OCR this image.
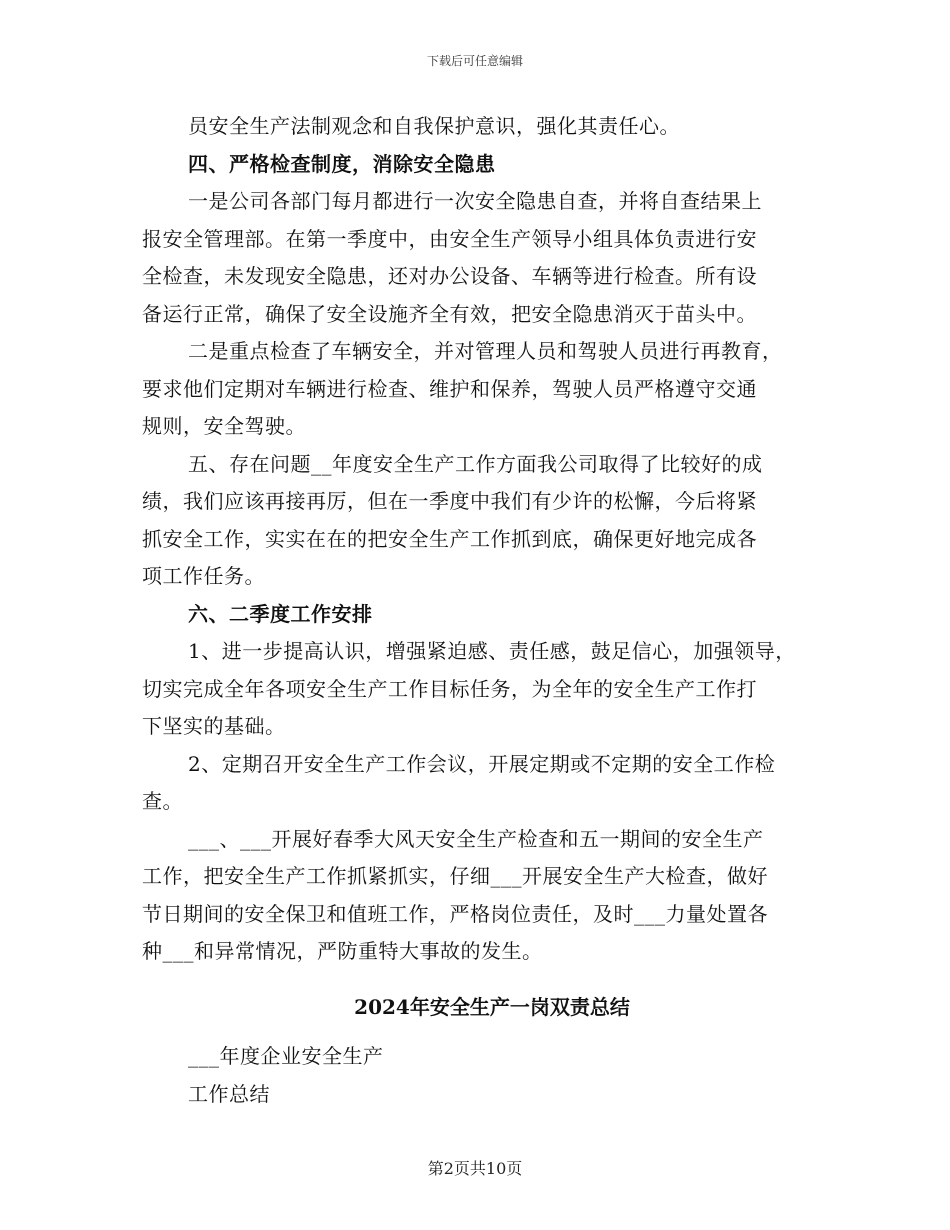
下载后可任意编辑
员安全生产法制观念和自我保护意识，强化其责任心。
四、严格检查制度，消除安全隐患
一是公司各部门每月都进行一次安全隐患自查，并将自查结果上
报安全管理部。在第一季度中，由安全生产领导小组具体负责进行安
全检查，未发现安全隐患，还对办公设备、车辆等进行检查。所有设
备运行正常，确保了安全设施齐全有效，把安全隐患消灭于苗头中。
二是重点检查了车辆安全，并对管理人员和驾驶人员进行再教育，
要求他们定期对车辆进行检查、维护和保养，驾驶人员严格遵守交通
规则，安全驾驶。
五、存在问题__年度安全生产工作方面我公司取得了比较好的成
绩，我们应该再接再厉，但在一季度中我们有少许的松懈，今后将紧
抓安全工作，实实在在的把安全生产工作抓到底，确保更好地完成各
项工作任务。
六、二季度工作安排
1、进一步提高认识，增强紧迫感、责任感，鼓足信心，加强领导，
切实完成全年各项安全生产工作目标任务，为全年的安全生产工作打
下坚实的基础。
2、定期召开安全生产工作会议，开展定期或不定期的安全工作检
查。
___、___开展好春季大风天安全生产检查和五一期间的安全生产
工作，把安全生产工作抓紧抓实，仔细___开展安全生产大检查，做好
节日期间的安全保卫和值班工作，严格岗位责任，及时___力量处置各
种___和异常情况，严防重特大事故的发生。
2024年安全生产一岗双责总结
___年度企业安全生产
工作总结
第2页共10页
